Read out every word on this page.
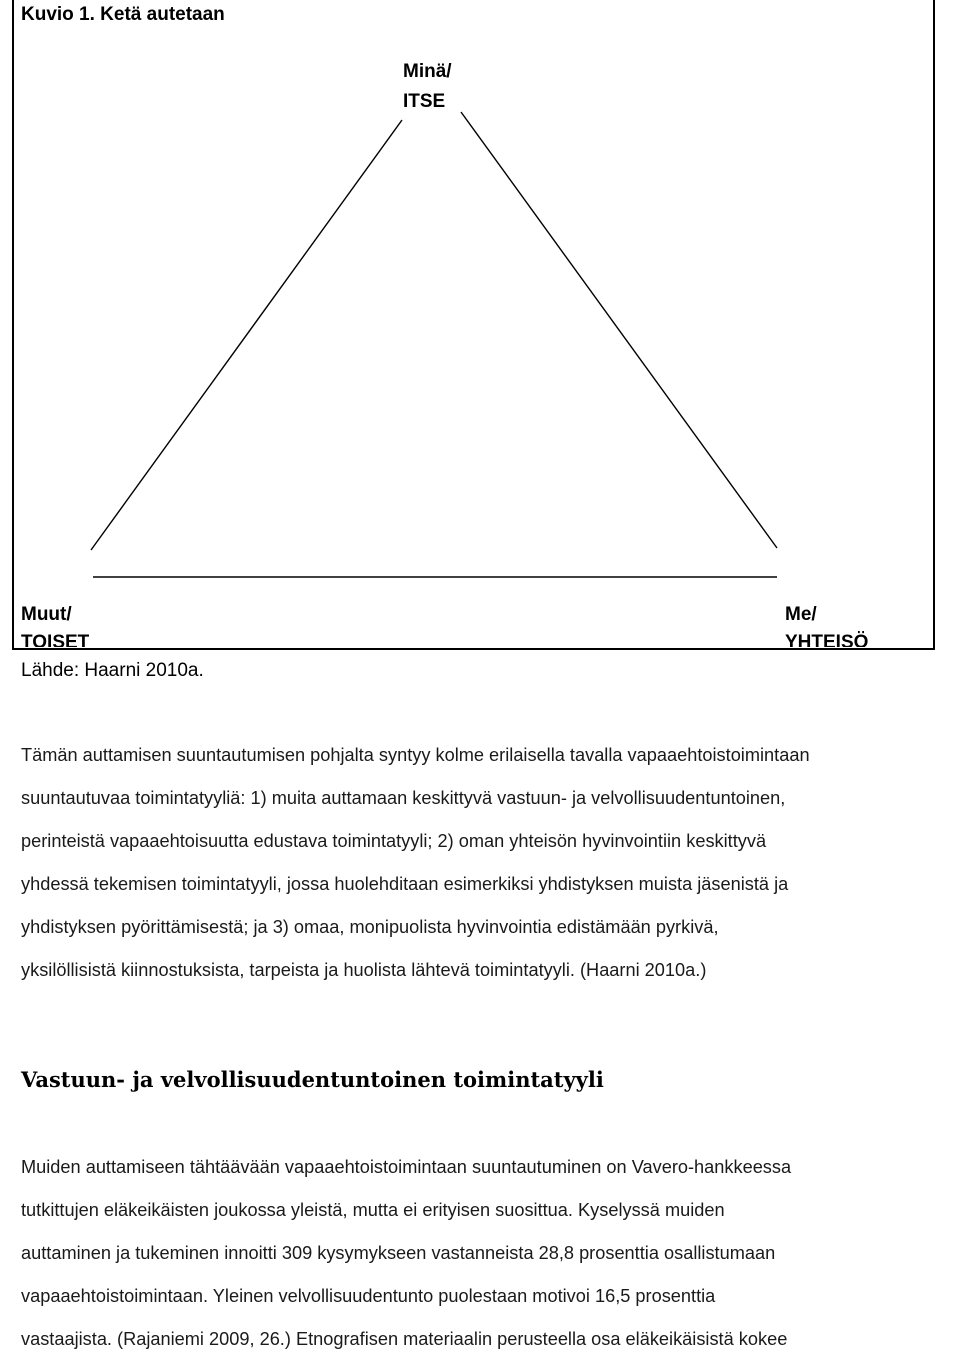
Kuvio 1. Ketä autetaan
Minä/
ITSE
Muut/
TOISET
Me/
YHTEISÖ
Lähde: Haarni 2010a.
Tämän auttamisen suuntautumisen pohjalta syntyy kolme erilaisella tavalla vapaaehtoistoimintaan
suuntautuvaa toimintatyyliä: 1) muita auttamaan keskittyvä vastuun- ja velvollisuudentuntoinen,
perinteistä vapaaehtoisuutta edustava toimintatyyli; 2) oman yhteisön hyvinvointiin keskittyvä
yhdessä tekemisen toimintatyyli, jossa huolehditaan esimerkiksi yhdistyksen muista jäsenistä ja
yhdistyksen pyörittämisestä; ja 3) omaa, monipuolista hyvinvointia edistämään pyrkivä,
yksilöllisistä kiinnostuksista, tarpeista ja huolista lähtevä toimintatyyli. (Haarni 2010a.)
Vastuun- ja velvollisuudentuntoinen toimintatyyli
Muiden auttamiseen tähtäävään vapaaehtoistoimintaan suuntautuminen on Vavero-hankkeessa
tutkittujen eläkeikäisten joukossa yleistä, mutta ei erityisen suosittua. Kyselyssä muiden
auttaminen ja tukeminen innoitti 309 kysymykseen vastanneista 28,8 prosenttia osallistumaan
vapaaehtoistoimintaan. Yleinen velvollisuudentunto puolestaan motivoi 16,5 prosenttia
vastaajista. (Rajaniemi 2009, 26.) Etnografisen materiaalin perusteella osa eläkeikäisistä kokee
